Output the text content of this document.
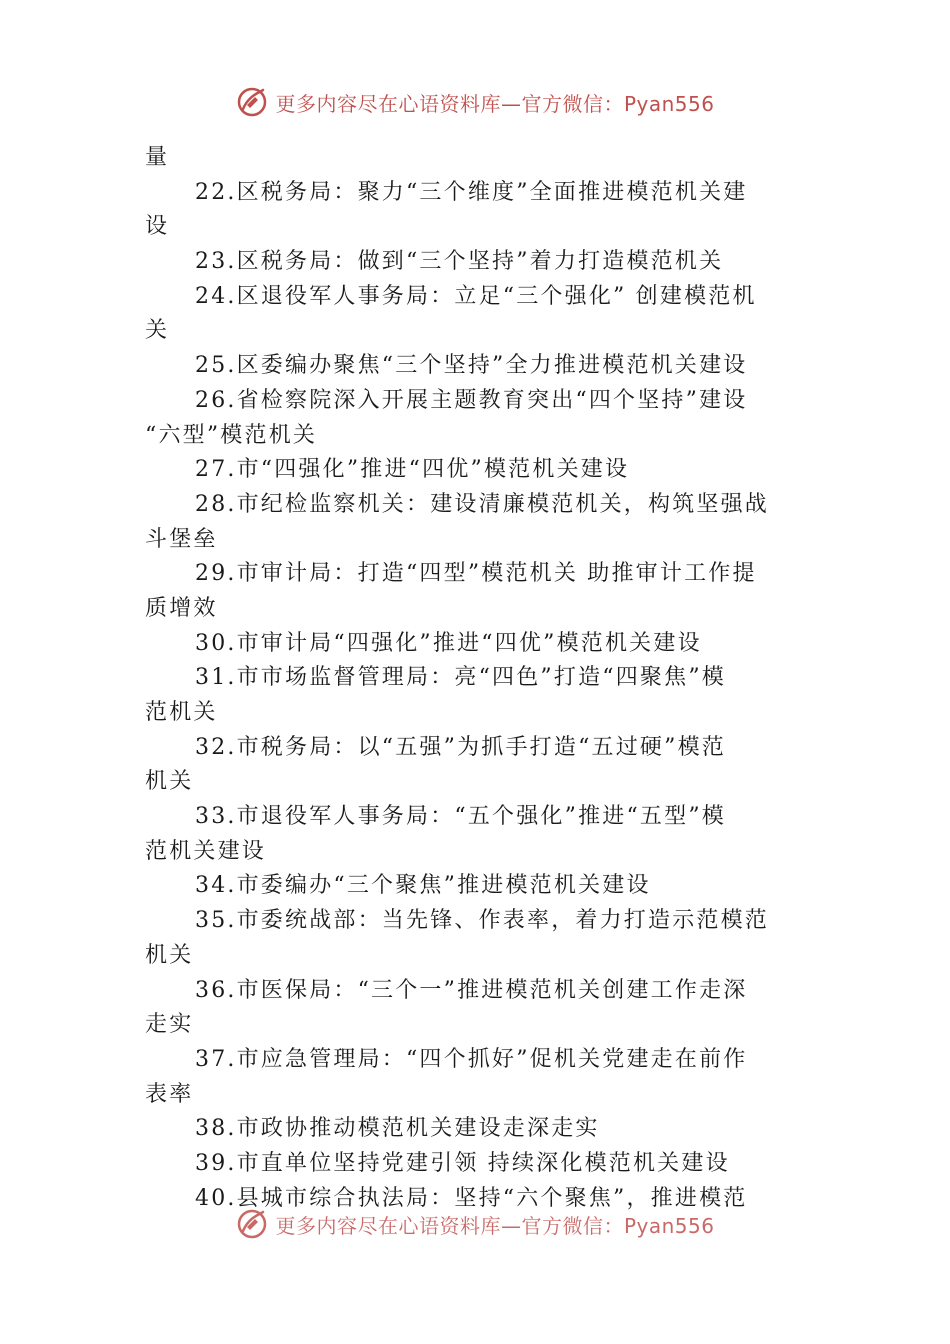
更多内容尽在心语资料库—官方微信：Pyan556
量
22.区税务局：聚力“三个维度”全面推进模范机关建
设
23.区税务局：做到“三个坚持”着力打造模范机关
24.区退役军人事务局：立足“三个强化” 创建模范机
关
25.区委编办聚焦“三个坚持”全力推进模范机关建设
26.省检察院深入开展主题教育突出“四个坚持”建设
“六型”模范机关
27.市“四强化”推进“四优”模范机关建设
28.市纪检监察机关：建设清廉模范机关，构筑坚强战
斗堡垒
29.市审计局：打造“四型”模范机关 助推审计工作提
质增效
30.市审计局“四强化”推进“四优”模范机关建设
31.市市场监督管理局：亮“四色”打造“四聚焦”模
范机关
32.市税务局：以“五强”为抓手打造“五过硬”模范
机关
33.市退役军人事务局：“五个强化”推进“五型”模
范机关建设
34.市委编办“三个聚焦”推进模范机关建设
35.市委统战部：当先锋、作表率，着力打造示范模范
机关
36.市医保局：“三个一”推进模范机关创建工作走深
走实
37.市应急管理局：“四个抓好”促机关党建走在前作
表率
38.市政协推动模范机关建设走深走实
39.市直单位坚持党建引领 持续深化模范机关建设
40.县城市综合执法局：坚持“六个聚焦”，推进模范
更多内容尽在心语资料库—官方微信：Pyan556
